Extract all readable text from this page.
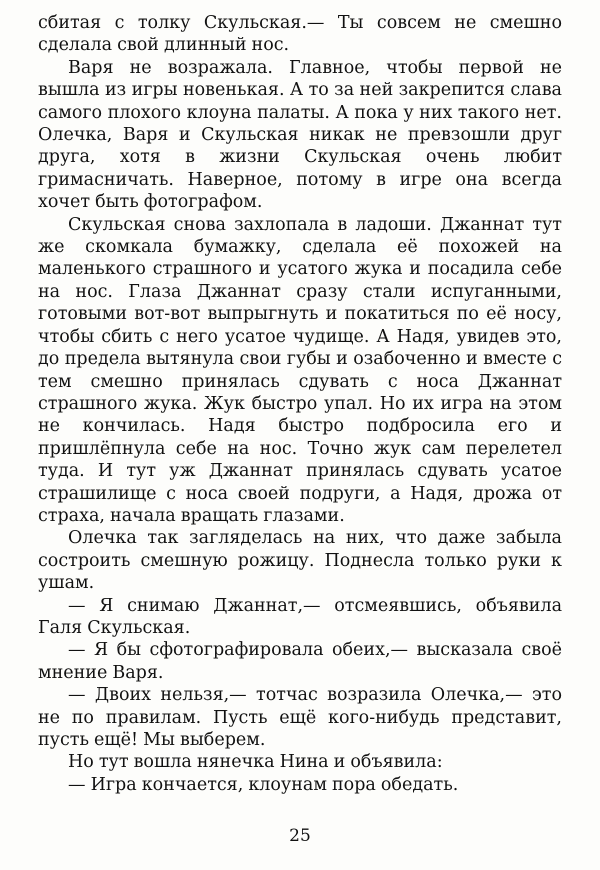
сбитая с толку Скульская.— Ты совсем не смешно сделала свой длинный нос.

Варя не возражала. Главное, чтобы первой не вышла из игры новенькая. А то за ней закрепится слава самого плохого клоуна палаты. А пока у них такого нет. Олечка, Варя и Скульская никак не превзошли друг друга, хотя в жизни Скульская очень любит гримасничать. Наверное, потому в игре она всегда хочет быть фотографом.

Скульская снова захлопала в ладоши. Джаннат тут же скомкала бумажку, сделала её похожей на маленького страшного и усатого жука и посадила себе на нос. Глаза Джаннат сразу стали испуганными, готовыми вот-вот выпрыгнуть и покатиться по её носу, чтобы сбить с него усатое чудище. А Надя, увидев это, до предела вытянула свои губы и озабоченно и вместе с тем смешно принялась сдувать с носа Джаннат страшного жука. Жук быстро упал. Но их игра на этом не кончилась. Надя быстро подбросила его и пришлёпнула себе на нос. Точно жук сам перелетел туда. И тут уж Джаннат принялась сдувать усатое страшилище с носа своей подруги, а Надя, дрожа от страха, начала вращать глазами.

Олечка так загляделась на них, что даже забыла состроить смешную рожицу. Поднесла только руки к ушам.

— Я снимаю Джаннат,— отсмеявшись, объявила Галя Скульская.

— Я бы сфотографировала обеих,— высказала своё мнение Варя.

— Двоих нельзя,— тотчас возразила Олечка,— это не по правилам. Пусть ещё кого-нибудь представит, пусть ещё! Мы выберем.

Но тут вошла нянечка Нина и объявила:

— Игра кончается, клоунам пора обедать.

25
